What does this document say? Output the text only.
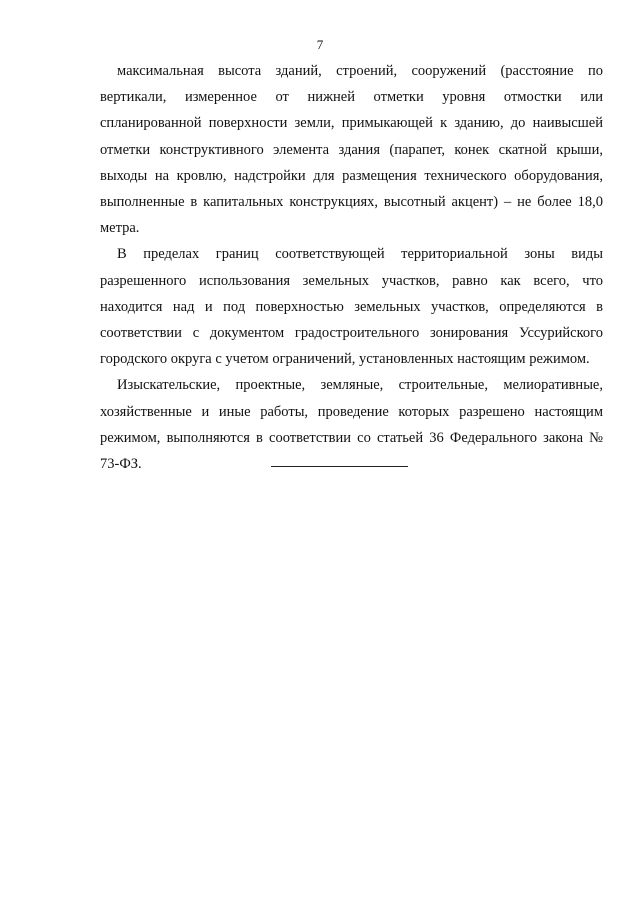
7

максимальная высота зданий, строений, сооружений (расстояние по вертикали, измеренное от нижней отметки уровня отмостки или спланированной поверхности земли, примыкающей к зданию, до наивысшей отметки конструктивного элемента здания (парапет, конек скатной крыши, выходы на кровлю, надстройки для размещения технического оборудования, выполненные в капитальных конструкциях, высотный акцент) – не более 18,0 метра.

В пределах границ соответствующей территориальной зоны виды разрешенного использования земельных участков, равно как всего, что находится над и под поверхностью земельных участков, определяются в соответствии с документом градостроительного зонирования Уссурийского городского округа с учетом ограничений, установленных настоящим режимом.

Изыскательские, проектные, земляные, строительные, мелиоративные, хозяйственные и иные работы, проведение которых разрешено настоящим режимом, выполняются в соответствии со статьей 36 Федерального закона № 73-ФЗ.
